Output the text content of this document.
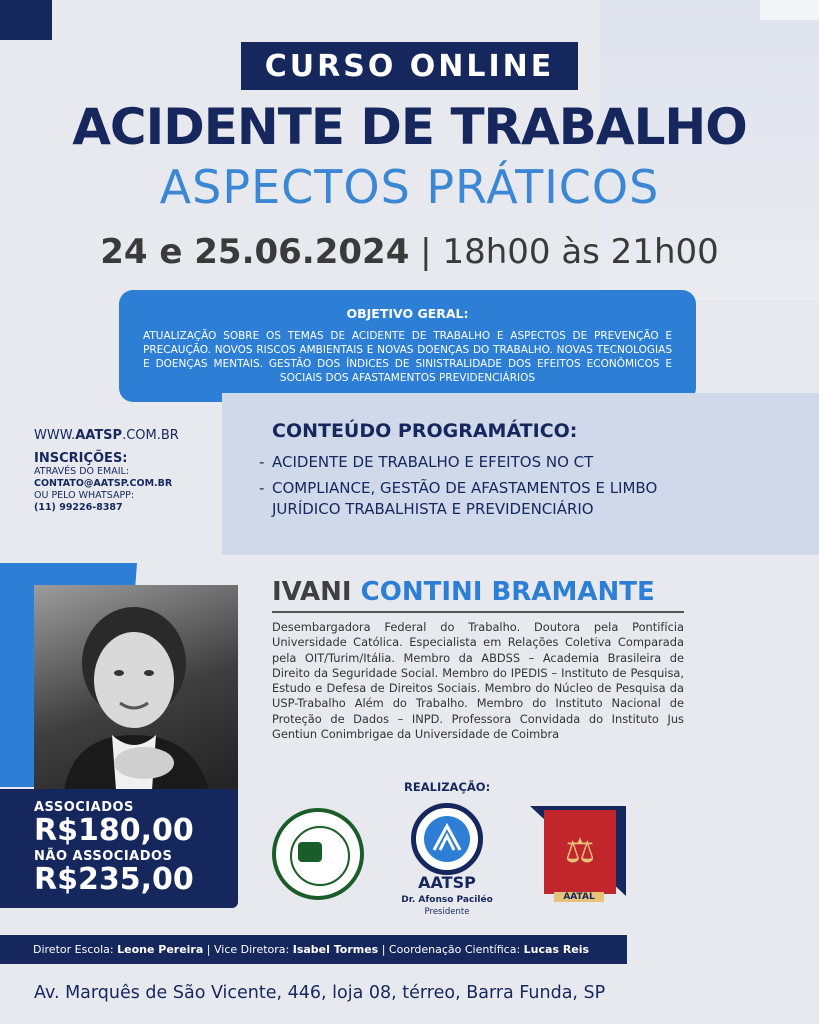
CURSO ONLINE
ACIDENTE DE TRABALHO
ASPECTOS PRÁTICOS
24 e 25.06.2024 | 18h00 às 21h00
OBJETIVO GERAL:
ATUALIZAÇÃO SOBRE OS TEMAS DE ACIDENTE DE TRABALHO E ASPECTOS DE PREVENÇÃO E PRECAUÇÃO. NOVOS RISCOS AMBIENTAIS E NOVAS DOENÇAS DO TRABALHO. NOVAS TECNOLOGIAS E DOENÇAS MENTAIS. GESTÃO DOS ÍNDICES DE SINISTRALIDADE DOS EFEITOS ECONÔMICOS E SOCIAIS DOS AFASTAMENTOS PREVIDENCIÁRIOS
CONTEÚDO PROGRAMÁTICO:
- ACIDENTE DE TRABALHO E EFEITOS NO CT
- COMPLIANCE, GESTÃO DE AFASTAMENTOS E LIMBO JURÍDICO TRABALHISTA E PREVIDENCIÁRIO
WWW.AATSP.COM.BR
INSCRIÇÕES:
ATRAVÉS DO EMAIL:
CONTATO@AATSP.COM.BR
OU PELO WHATSAPP:
(11) 99226-8387
ASSOCIADOS
R$180,00
NÃO ASSOCIADOS
R$235,00
IVANI CONTINI BRAMANTE
Desembargadora Federal do Trabalho. Doutora pela Pontifícia Universidade Católica. Especialista em Relações Coletiva Comparada pela OIT/Turim/Itália. Membro da ABDSS – Academia Brasileira de Direito da Seguridade Social. Membro do IPEDIS – Instituto de Pesquisa, Estudo e Defesa de Direitos Sociais. Membro do Núcleo de Pesquisa da USP-Trabalho Além do Trabalho. Membro do Instituto Nacional de Proteção de Dados – INPD. Professora Convidada do Instituto Jus Gentiun Conimbrigae da Universidade de Coimbra
REALIZAÇÃO:
AATSP
Dr. Afonso Paciléo
Presidente
⚖
AATAL
Diretor Escola: Leone Pereira | Vice Diretora: Isabel Tormes | Coordenação Científica: Lucas Reis
Av. Marquês de São Vicente, 446, loja 08, térreo, Barra Funda, SP
